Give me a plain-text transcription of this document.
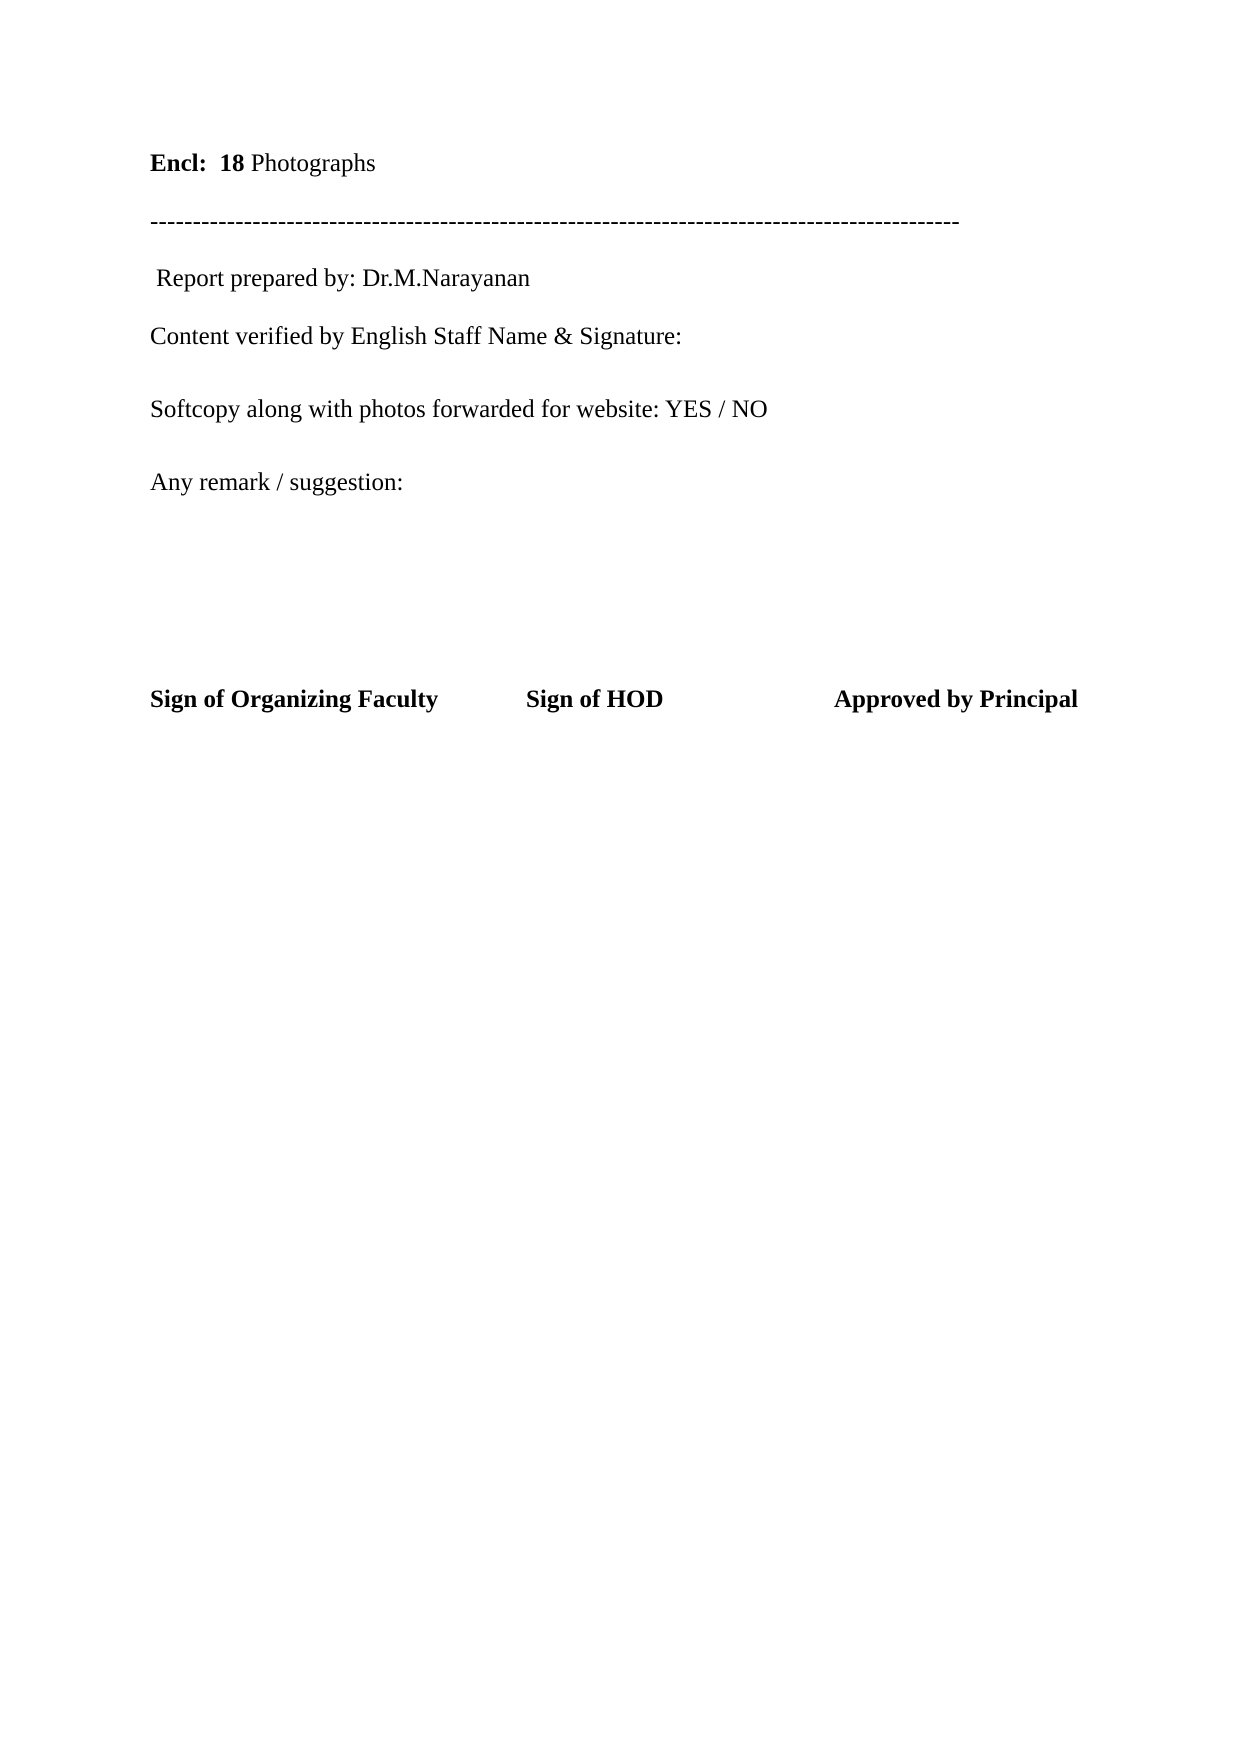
Encl: 18 Photographs
-----------------------------------------------------------------------------------------------
Report prepared by: Dr.M.Narayanan
Content verified by English Staff Name & Signature:
Softcopy along with photos forwarded for website: YES / NO
Any remark / suggestion:
Sign of Organizing Faculty	Sign of HOD	Approved by Principal
